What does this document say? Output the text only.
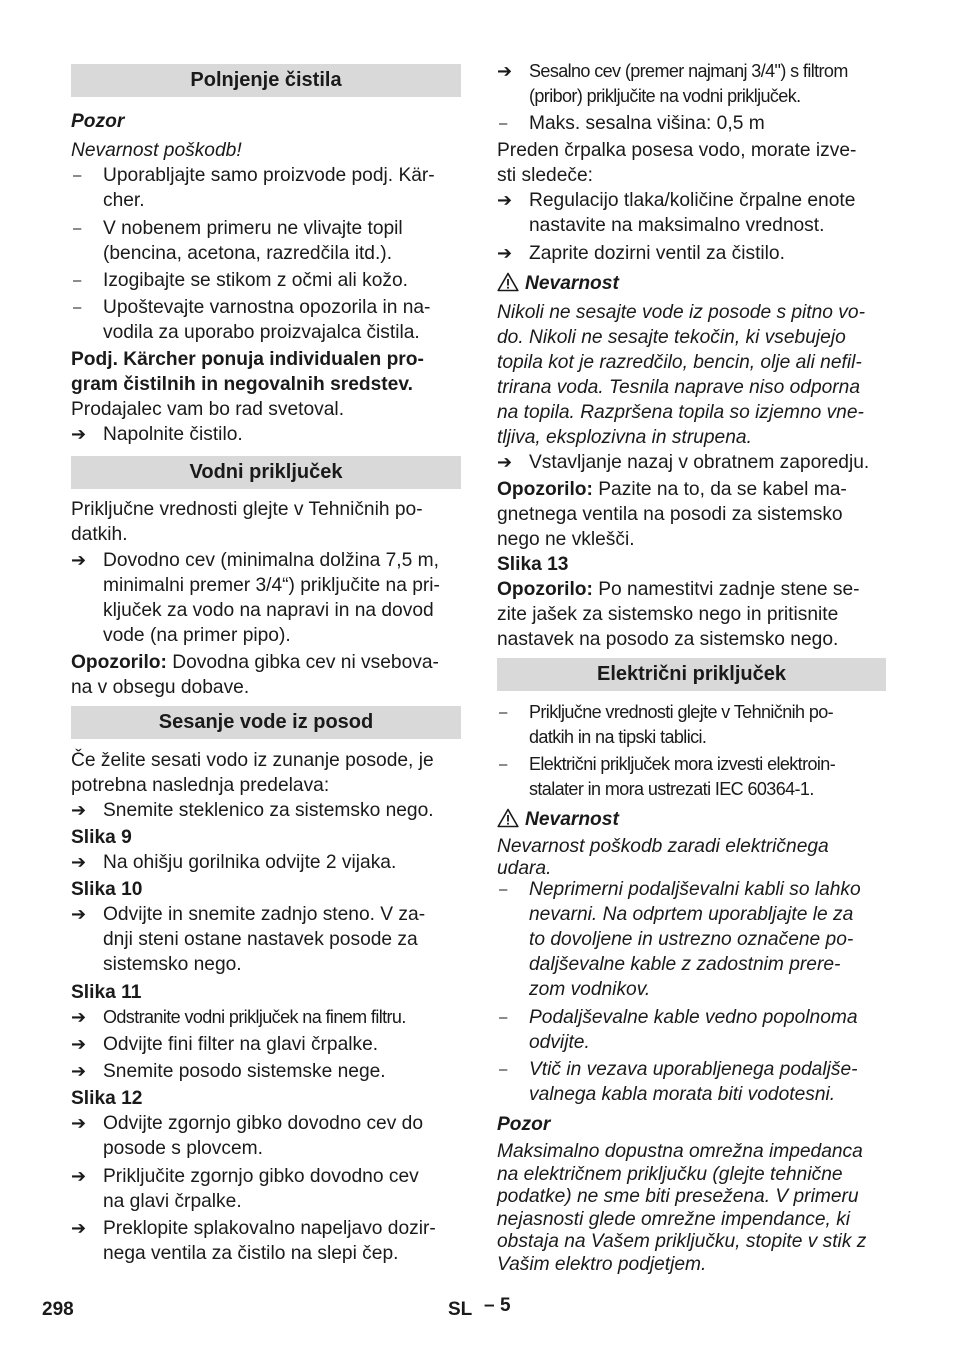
Polnjenje čistila
Pozor
Nevarnost poškodb!
–	Uporabljajte samo proizvode podj. Kär-
cher.
–	V nobenem primeru ne vlivajte topil
(bencina, acetona, razredčila itd.).
–	Izogibajte se stikom z očmi ali kožo.
–	Upoštevajte varnostna opozorila in na-
vodila za uporabo proizvajalca čistila.
Podj. Kärcher ponuja individualen pro-
gram čistilnih in negovalnih sredstev.
Prodajalec vam bo rad svetoval.
➔ Napolnite čistilo.
Vodni priključek
Priključne vrednosti glejte v Tehničnih po-
datkih.
➔ Dovodno cev (minimalna dolžina 7,5 m,
minimalni premer 3/4“) priključite na pri-
ključek za vodo na napravi in na dovod
vode (na primer pipo).
Opozorilo: Dovodna gibka cev ni vsebova-
na v obsegu dobave.
Sesanje vode iz posod
Če želite sesati vodo iz zunanje posode, je
potrebna naslednja predelava:
➔ Snemite steklenico za sistemsko nego.
Slika 9
➔ Na ohišju gorilnika odvijte 2 vijaka.
Slika 10
➔ Odvijte in snemite zadnjo steno. V za-
dnji steni ostane nastavek posode za
sistemsko nego.
Slika 11
➔ Odstranite vodni priključek na finem filtru.
➔ Odvijte fini filter na glavi črpalke.
➔ Snemite posodo sistemske nege.
Slika 12
➔ Odvijte zgornjo gibko dovodno cev do
posode s plovcem.
➔ Priključite zgornjo gibko dovodno cev
na glavi črpalke.
➔ Preklopite splakovalno napeljavo dozir-
nega ventila za čistilo na slepi čep.
➔ Sesalno cev (premer najmanj 3/4") s filtrom
(pribor) priključite na vodni priključek.
–	Maks. sesalna višina: 0,5 m
Preden črpalka posesa vodo, morate izve-
sti sledeče:
➔ Regulacijo tlaka/količine črpalne enote
nastavite na maksimalno vrednost.
➔ Zaprite dozirni ventil za čistilo.
Nevarnost
Nikoli ne sesajte vode iz posode s pitno vo-
do. Nikoli ne sesajte tekočin, ki vsebujejo
topila kot je razredčilo, bencin, olje ali nefil-
trirana voda. Tesnila naprave niso odporna
na topila. Razpršena topila so izjemno vne-
tljiva, eksplozivna in strupena.
➔ Vstavljanje nazaj v obratnem zaporedju.
Opozorilo: Pazite na to, da se kabel ma-
gnetnega ventila na posodi za sistemsko
nego ne vklešči.
Slika 13
Opozorilo: Po namestitvi zadnje stene se-
zite jašek za sistemsko nego in pritisnite
nastavek na posodo za sistemsko nego.
Električni priključek
–	Priključne vrednosti glejte v Tehničnih po-
datkih in na tipski tablici.
–	Električni priključek mora izvesti elektroin-
stalater in mora ustrezati IEC 60364-1.
Nevarnost
Nevarnost poškodb zaradi električnega
udara.
–	Neprimerni podaljševalni kabli so lahko
nevarni. Na odprtem uporabljajte le za
to dovoljene in ustrezno označene po-
daljševalne kable z zadostnim prere-
zom vodnikov.
–	Podaljševalne kable vedno popolnoma
odvijte.
–	Vtič in vezava uporabljenega podaljše-
valnega kabla morata biti vodotesni.
Pozor
Maksimalno dopustna omrežna impedanca
na električnem priključku (glejte tehnične
podatke) ne sme biti presežena. V primeru
nejasnosti glede omrežne impendance, ki
obstaja na Vašem priključku, stopite v stik z
Vašim elektro podjetjem.
298	SL – 5
